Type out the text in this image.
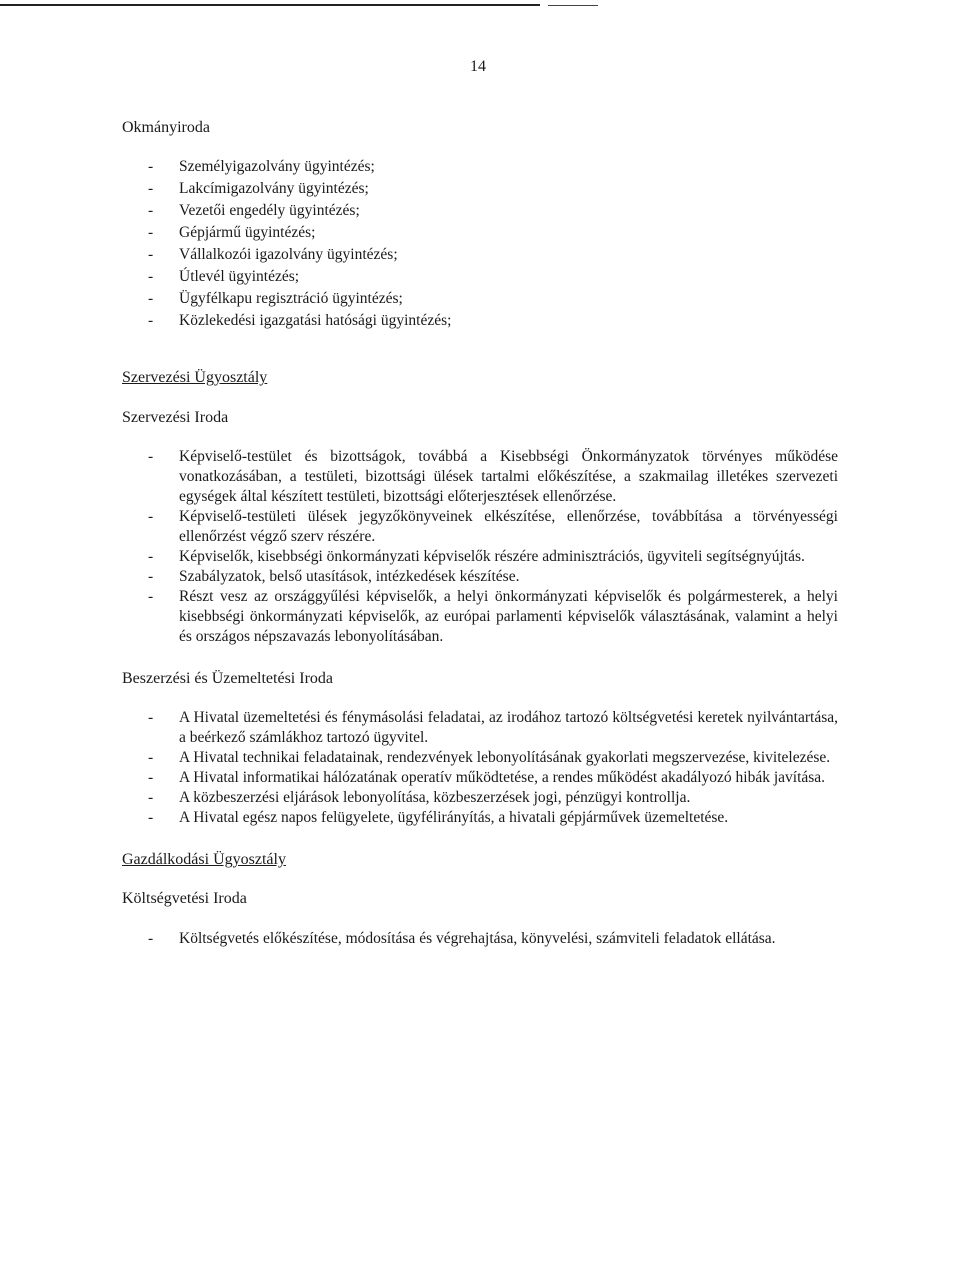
14

Okmányiroda

- Személyigazolvány ügyintézés;
- Lakcímigazolvány ügyintézés;
- Vezetői engedély ügyintézés;
- Gépjármű ügyintézés;
- Vállalkozói igazolvány ügyintézés;
- Útlevél ügyintézés;
- Ügyfélkapu regisztráció ügyintézés;
- Közlekedési igazgatási hatósági ügyintézés;

Szervezési Ügyosztály

Szervezési Iroda

- Képviselő-testület és bizottságok, továbbá a Kisebbségi Önkormányzatok törvényes működése vonatkozásában, a testületi, bizottsági ülések tartalmi előkészítése, a szakmailag illetékes szervezeti egységek által készített testületi, bizottsági előterjesztések ellenőrzése.
- Képviselő-testületi ülések jegyzőkönyveinek elkészítése, ellenőrzése, továbbítása a törvényességi ellenőrzést végző szerv részére.
- Képviselők, kisebbségi önkormányzati képviselők részére adminisztrációs, ügyviteli segítségnyújtás.
- Szabályzatok, belső utasítások, intézkedések készítése.
- Részt vesz az országgyűlési képviselők, a helyi önkormányzati képviselők és polgármesterek, a helyi kisebbségi önkormányzati képviselők, az európai parlamenti képviselők választásának, valamint a helyi és országos népszavazás lebonyolításában.

Beszerzési és Üzemeltetési Iroda

- A Hivatal üzemeltetési és fénymásolási feladatai, az irodához tartozó költségvetési keretek nyilvántartása, a beérkező számlákhoz tartozó ügyvitel.
- A Hivatal technikai feladatainak, rendezvények lebonyolításának gyakorlati megszervezése, kivitelezése.
- A Hivatal informatikai hálózatának operatív működtetése, a rendes működést akadályozó hibák javítása.
- A közbeszerzési eljárások lebonyolítása, közbeszerzések jogi, pénzügyi kontrollja.
- A Hivatal egész napos felügyelete, ügyfélirányítás, a hivatali gépjárművek üzemeltetése.

Gazdálkodási Ügyosztály

Költségvetési Iroda

- Költségvetés előkészítése, módosítása és végrehajtása, könyvelési, számviteli feladatok ellátása.
